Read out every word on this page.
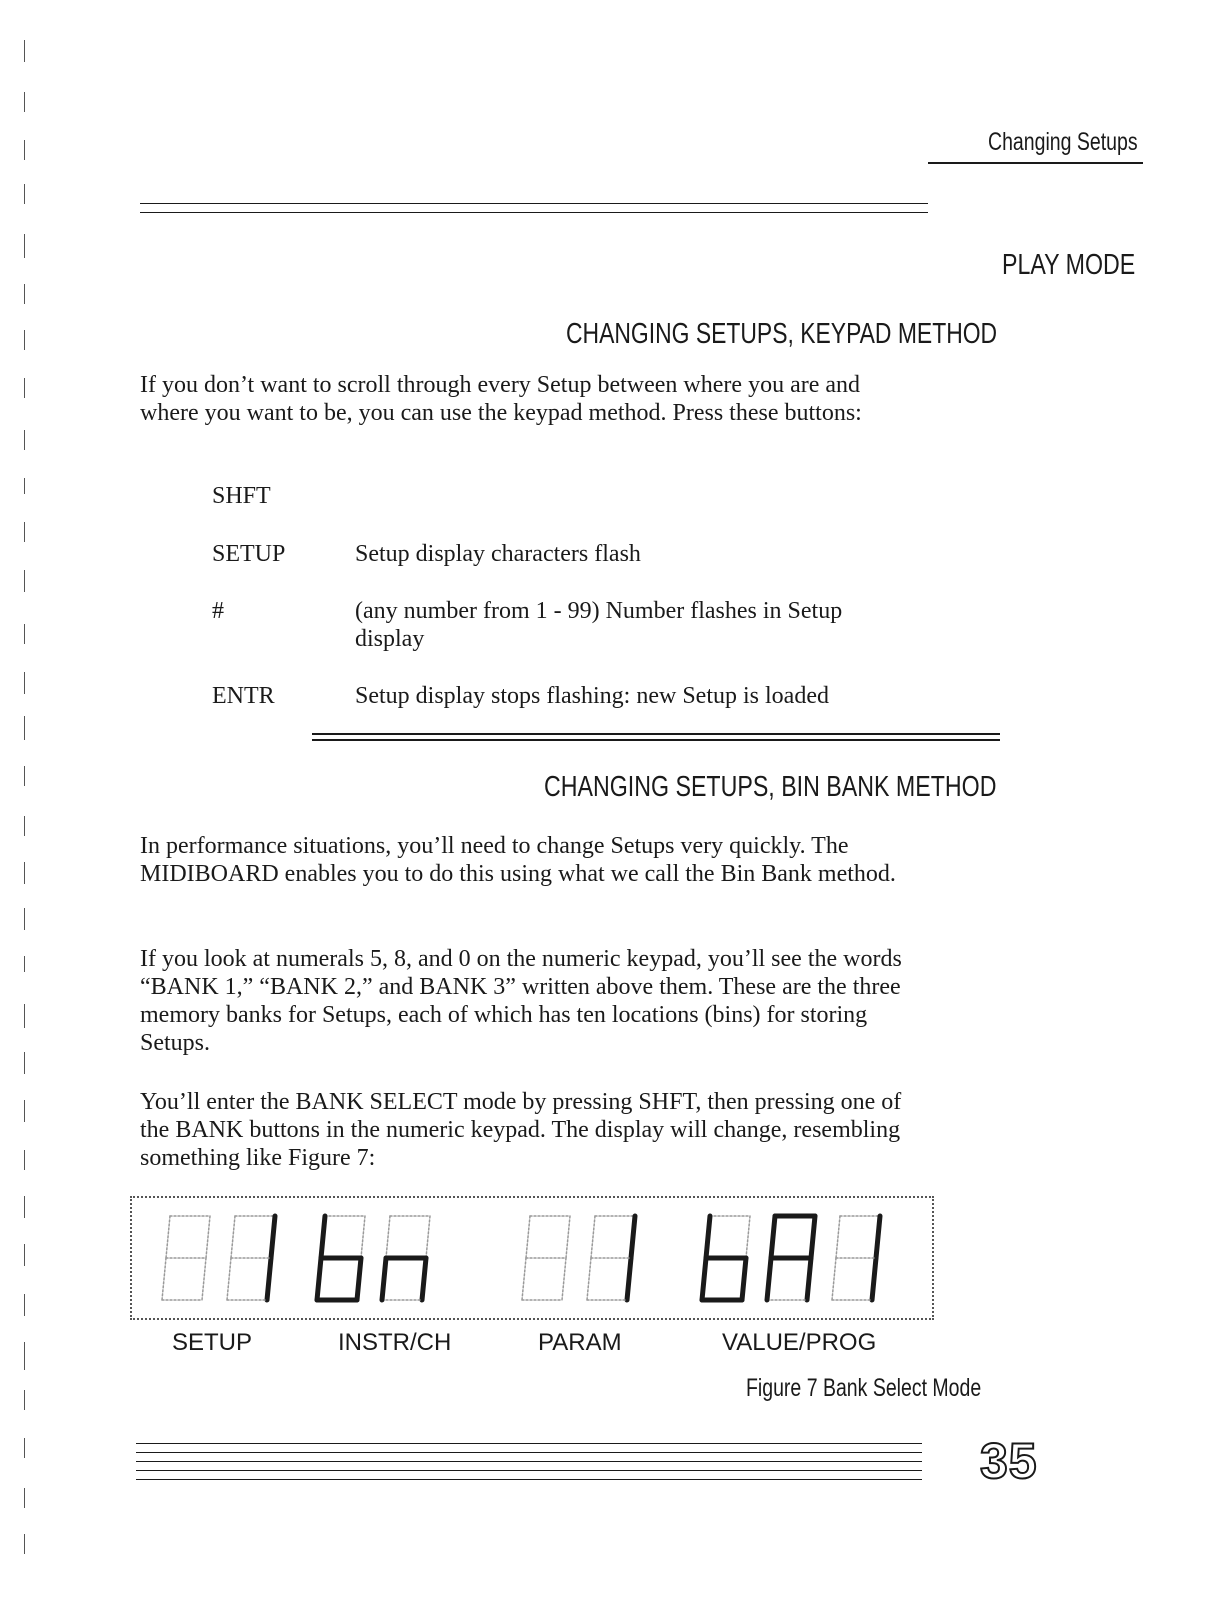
Changing Setups
PLAY MODE
CHANGING SETUPS, KEYPAD METHOD
If you don’t want to scroll through every Setup between where you are and where you want to be, you can use the keypad method. Press these buttons:
SHFT
SETUP	Setup display characters flash
#	(any number from 1 - 99) Number flashes in Setup display
ENTR	Setup display stops flashing: new Setup is loaded
CHANGING SETUPS, BIN BANK METHOD
In performance situations, you’ll need to change Setups very quickly. The MIDIBOARD enables you to do this using what we call the Bin Bank method.
If you look at numerals 5, 8, and 0 on the numeric keypad, you’ll see the words “BANK 1,” “BANK 2,” and BANK 3” written above them. These are the three memory banks for Setups, each of which has ten locations (bins) for storing Setups.
You’ll enter the BANK SELECT mode by pressing SHFT, then pressing one of the BANK buttons in the numeric keypad. The display will change, resembling something like Figure 7:
SETUP	INSTR/CH	PARAM	VALUE/PROG
Figure 7 Bank Select Mode
35
